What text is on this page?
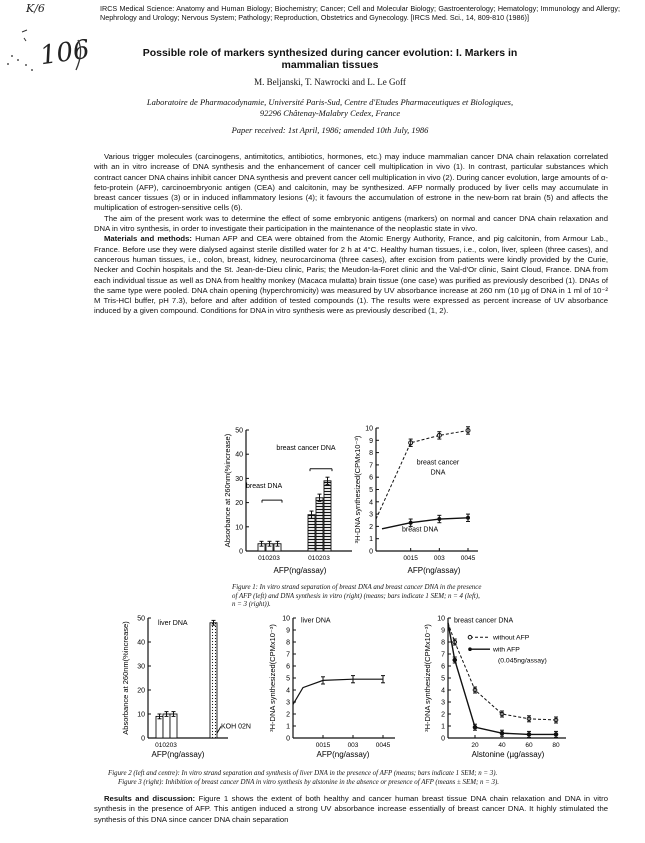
K/6
106
IRCS Medical Science: Anatomy and Human Biology; Biochemistry; Cancer; Cell and Molecular Biology; Gastroenterology; Hematology; Immunology and Allergy; Nephrology and Urology; Nervous System; Pathology; Reproduction, Obstetrics and Gynecology. [IRCS Med. Sci., 14, 809-810 (1986)]
Possible role of markers synthesized during cancer evolution: I. Markers in mammalian tissues
M. Beljanski, T. Nawrocki and L. Le Goff
Laboratoire de Pharmacodynamie, Université Paris-Sud, Centre d'Etudes Pharmaceutiques et Biologiques,
92296 Châtenay-Malabry Cedex, France
Paper received: 1st April, 1986; amended 10th July, 1986

Various trigger molecules (carcinogens, antimitotics, antibiotics, hormones, etc.) may induce mammalian cancer DNA chain relaxation correlated with an in vitro increase of DNA synthesis and the enhancement of cancer cell multiplication in vivo (1). In contrast, particular substances which contract cancer DNA chains inhibit cancer DNA synthesis and prevent cancer cell multiplication in vivo (2). During cancer evolution, large amounts of α-feto-protein (AFP), carcinoembryonic antigen (CEA) and calcitonin, may be synthesized. AFP normally produced by liver cells may accumulate in breast cancer tissues (3) or in induced inflammatory lesions (4); it favours the accumulation of estrone in the new-born rat brain (5) and affects the multiplication of estrogen-sensitive cells (6).

The aim of the present work was to determine the effect of some embryonic antigens (markers) on normal and cancer DNA chain relaxation and DNA in vitro synthesis, in order to investigate their participation in the maintenance of the neoplastic state in vivo.

Materials and methods: Human AFP and CEA were obtained from the Atomic Energy Authority, France, and pig calcitonin, from Armour Lab., France. Before use they were dialysed against sterile distilled water for 2 h at 4°C. Healthy human tissues, i.e., colon, liver, spleen (three cases), and cancerous human tissues, i.e., colon, breast, kidney, neurocarcinoma (three cases), after excision from patients were kindly provided by the Curie, Necker and Cochin hospitals and the St. Jean-de-Dieu clinic, Paris; the Meudon-la-Foret clinic and the Val-d'Or clinic, Saint Cloud, France. DNA from each individual tissue as well as DNA from healthy monkey (Macaca mulatta) brain tissue (one case) was purified as previously described (1). DNAs of the same type were pooled. DNA chain opening (hyperchromicity) was measured by UV absorbance increase at 260 nm (10 µg of DNA in 1 ml of 10⁻² M Tris-HCl buffer, pH 7.3), before and after addition of tested compounds (1). The results were expressed as percent increase of UV absorbance induced by a given compound. Conditions for DNA in vitro synthesis were as previously described (1, 2).

0
10
20
30
40
50
Absorbance at 260nm(%increase)
010203	010203
breast DNA
breast cancer DNA
AFP(ng/assay)
0
1
2
3
4
5
6
7
8
9
10
³H-DNA synthesized(CPMx10⁻³)
0015 003 0045
breast cancer
DNA
breast DNA
AFP(ng/assay)
Figure 1: In vitro strand separation of breast DNA and breast cancer DNA in the presence of AFP (left) and DNA synthesis in vitro (right) (means; bars indicate 1 SEM; n = 4 (left), n = 3 (right)).
0
10
20
30
40
50
Absorbance at 260nm(%increase)	liver DNA
KOH 02N
010203
AFP(ng/assay)
0
1
2
3
4
5
6
7
8
9
10
³H-DNA synthesized(CPMx10⁻³)
0015	003	0045
liver DNA
AFP(ng/assay)
0
1
2
3
4
5
6
7
8
9
10
³H-DNA synthesized(CPMx10⁻³)
20	40	60	80
breast cancer DNA
without AFP
with AFP
(0.045ng/assay)
Alstonine (µg/assay)
Figure 2 (left and centre): In vitro strand separation and synthesis of liver DNA in the presence of AFP (means; bars indicate 1 SEM; n = 3).
Figure 3 (right): Inhibition of breast cancer DNA in vitro synthesis by alstonine in the absence or presence of AFP (means ± SEM; n = 3).

Results and discussion: Figure 1 shows the extent of both healthy and cancer human breast tissue DNA chain relaxation and DNA in vitro synthesis in the presence of AFP. This antigen induced a strong UV absorbance increase essentially of breast cancer DNA. It highly stimulated the synthesis of this DNA since cancer DNA chain separation
